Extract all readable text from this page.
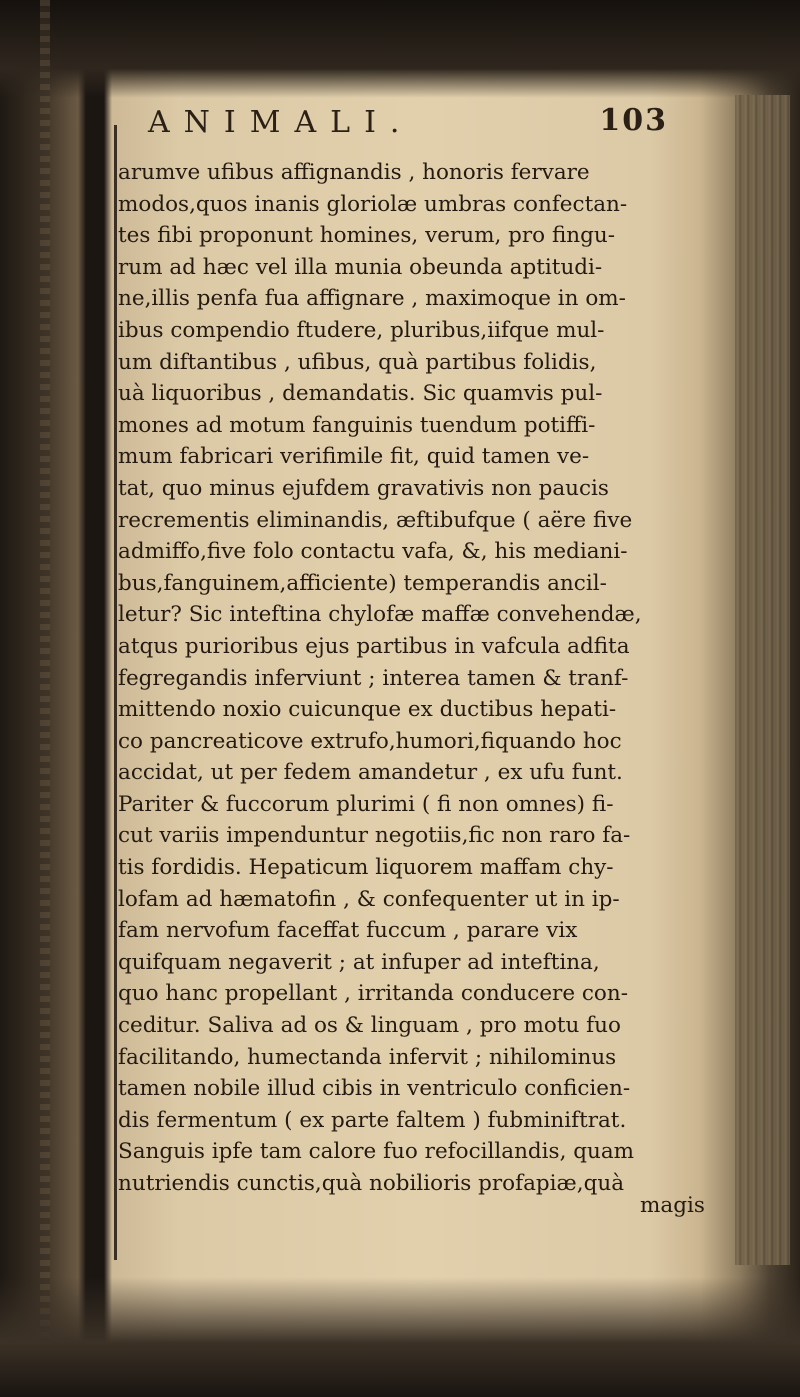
ANIMALI.	103
arumve ufibus affignandis , honoris fervare
modos,quos inanis gloriolæ umbras confectan-
tes fibi proponunt homines, verum, pro fingu-
rum ad hæc vel illa munia obeunda aptitudi-
ne,illis penfa fua affignare , maximoque in om-
ibus compendio ftudere, pluribus,iifque mul-
um diftantibus , ufibus, quà partibus folidis,
uà liquoribus , demandatis. Sic quamvis pul-
mones ad motum fanguinis tuendum potiffi-
mum fabricari verifimile fit, quid tamen ve-
tat, quo minus ejufdem gravativis non paucis
recrementis eliminandis, æftibufque ( aëre five
admiffo,five folo contactu vafa, &, his mediani-
bus,fanguinem,afficiente) temperandis ancil-
letur? Sic inteftina chylofæ maffæ convehendæ,
atqus purioribus ejus partibus in vafcula adfita
fegregandis inferviunt ; interea tamen & tranf-
mittendo noxio cuicunque ex ductibus hepati-
co pancreaticove extrufo,humori,fiquando hoc
accidat, ut per fedem amandetur , ex ufu funt.
Pariter & fuccorum plurimi ( fi non omnes) fi-
cut variis impenduntur negotiis,fic non raro fa-
tis fordidis. Hepaticum liquorem maffam chy-
lofam ad hæmatofin , & confequenter ut in ip-
fam nervofum faceffat fuccum , parare vix
quifquam negaverit ; at infuper ad inteftina,
quo hanc propellant , irritanda conducere con-
ceditur. Saliva ad os & linguam , pro motu fuo
facilitando, humectanda infervit ; nihilominus
tamen nobile illud cibis in ventriculo conficien-
dis fermentum ( ex parte faltem ) fubminiftrat.
Sanguis ipfe tam calore fuo refocillandis, quam
nutriendis cunctis,quà nobilioris profapiæ,quà
magis
